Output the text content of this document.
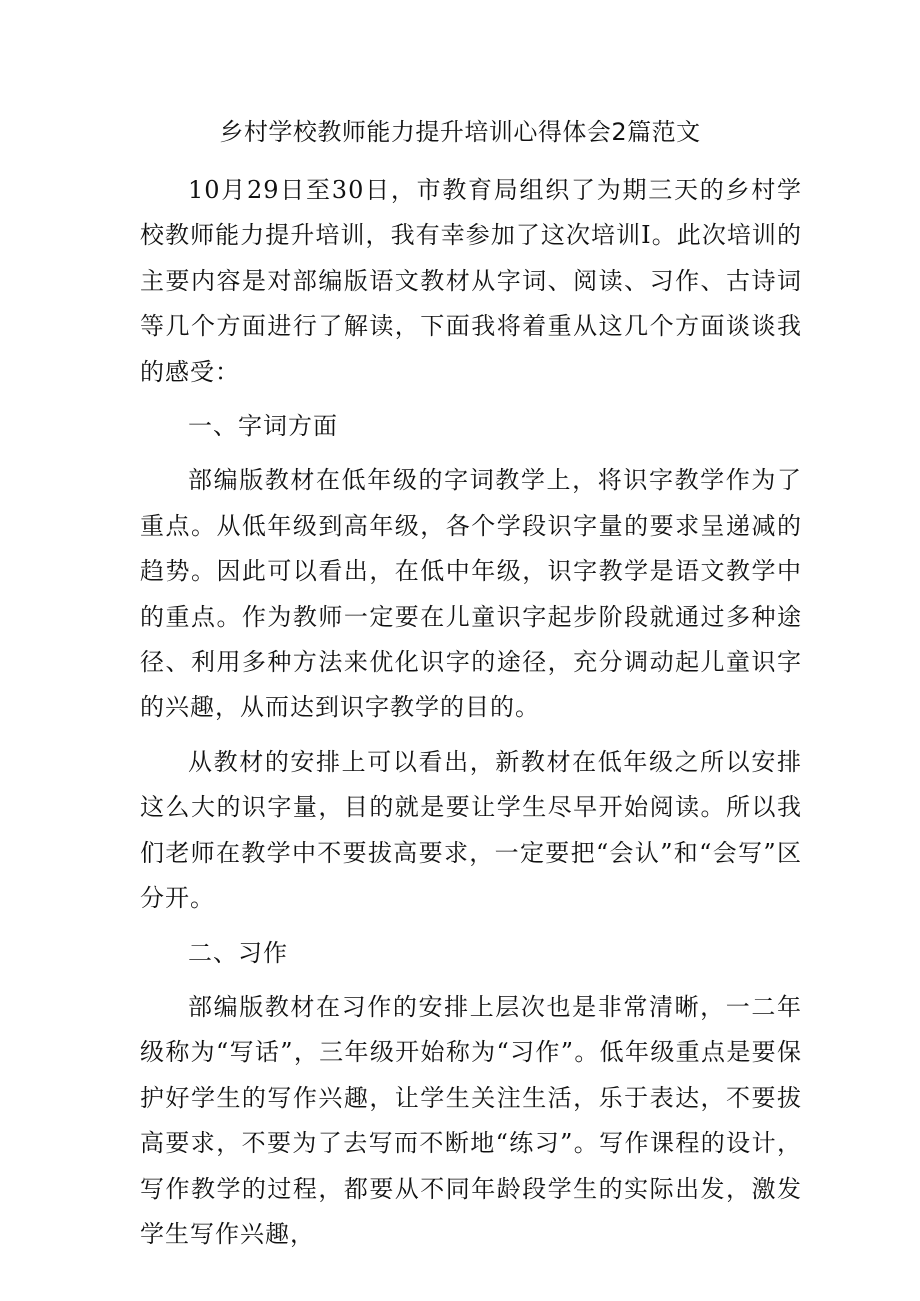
乡村学校教师能力提升培训心得体会2篇范文

10月29日至30日，市教育局组织了为期三天的乡村学校教师能力提升培训，我有幸参加了这次培训I。此次培训的主要内容是对部编版语文教材从字词、阅读、习作、古诗词等几个方面进行了解读，下面我将着重从这几个方面谈谈我的感受：

一、字词方面

部编版教材在低年级的字词教学上，将识字教学作为了重点。从低年级到高年级，各个学段识字量的要求呈递减的趋势。因此可以看出，在低中年级，识字教学是语文教学中的重点。作为教师一定要在儿童识字起步阶段就通过多种途径、利用多种方法来优化识字的途径，充分调动起儿童识字的兴趣，从而达到识字教学的目的。

从教材的安排上可以看出，新教材在低年级之所以安排这么大的识字量，目的就是要让学生尽早开始阅读。所以我们老师在教学中不要拔高要求，一定要把“会认”和“会写”区分开。

二、习作

部编版教材在习作的安排上层次也是非常清晰，一二年级称为“写话”，三年级开始称为“习作”。低年级重点是要保护好学生的写作兴趣，让学生关注生活，乐于表达，不要拔高要求，不要为了去写而不断地“练习”。写作课程的设计，写作教学的过程，都要从不同年龄段学生的实际出发，激发学生写作兴趣，
